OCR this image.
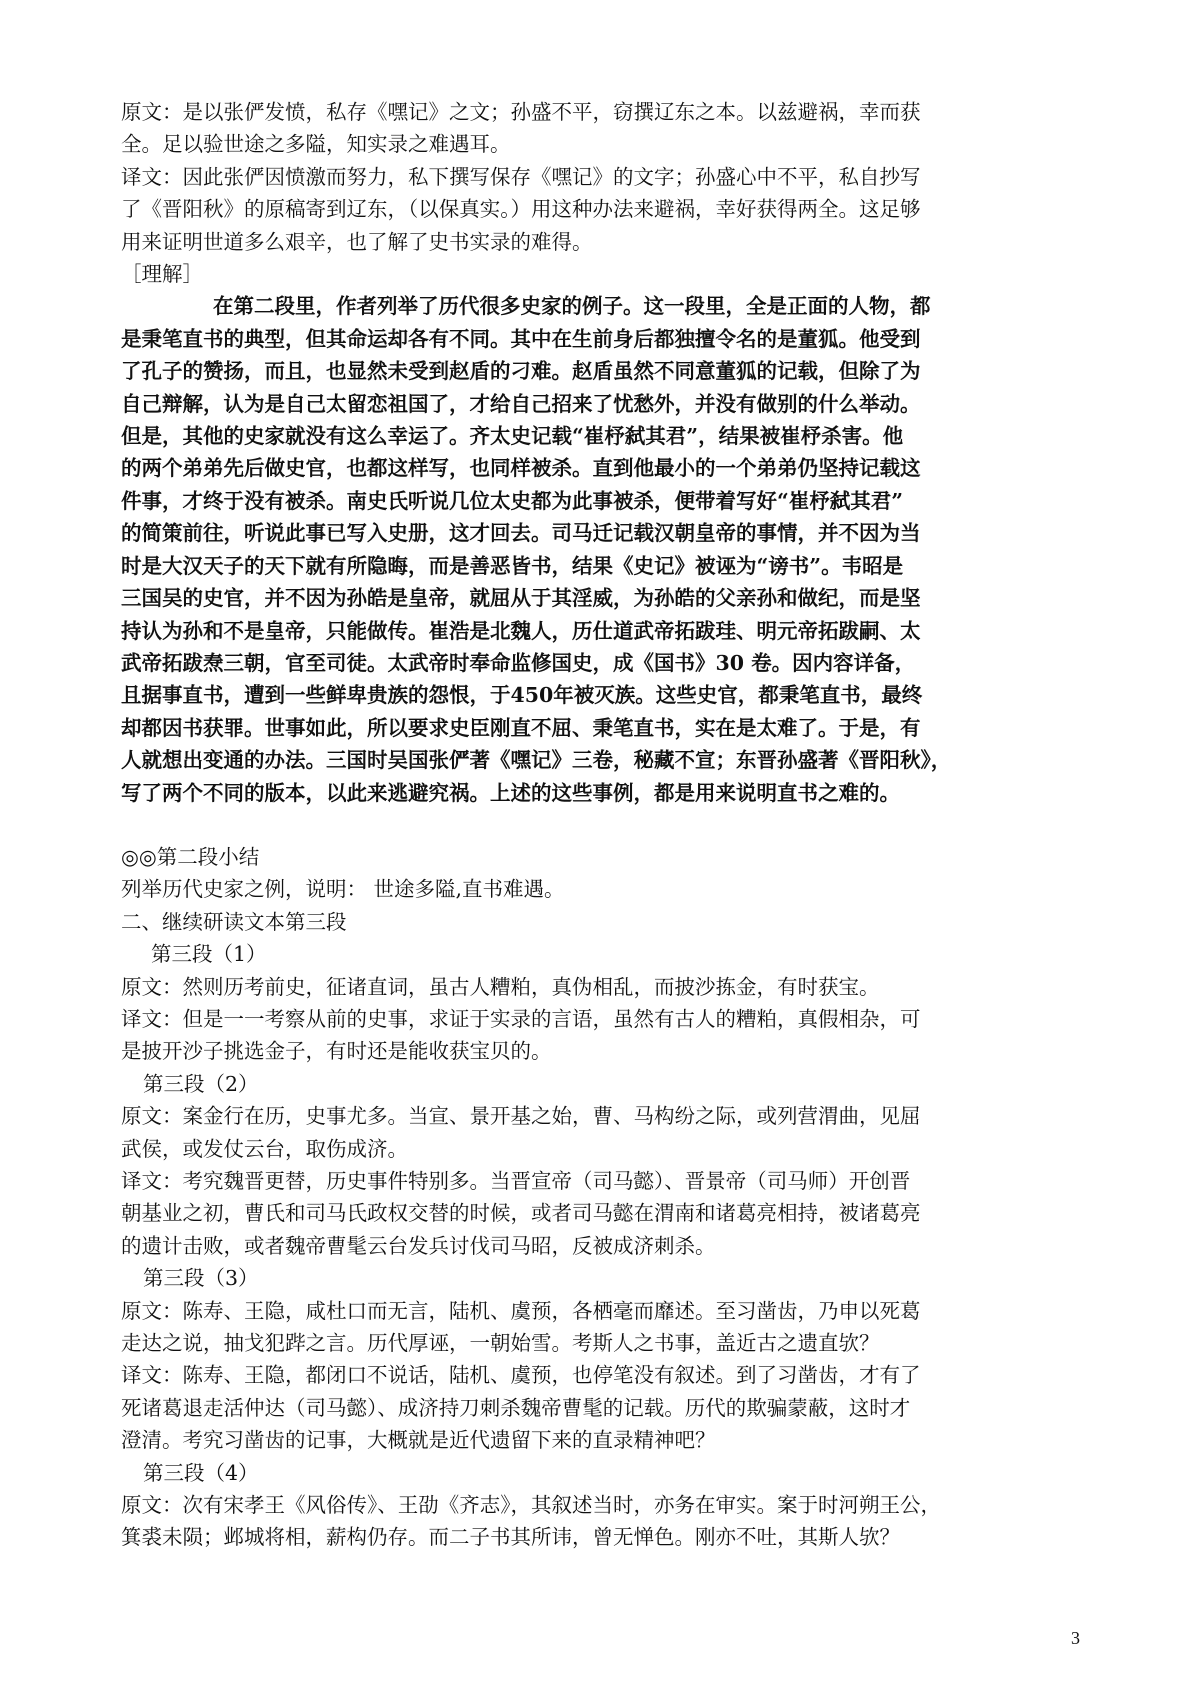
原文：是以张俨发愤，私存《嘿记》之文；孙盛不平，窃撰辽东之本。以兹避祸，幸而获
全。足以验世途之多隘，知实录之难遇耳。
译文：因此张俨因愤激而努力，私下撰写保存《嘿记》的文字；孙盛心中不平，私自抄写
了《晋阳秋》的原稿寄到辽东，（以保真实。）用这种办法来避祸，幸好获得两全。这足够
用来证明世道多么艰辛，也了解了史书实录的难得。
［理解］
在第二段里，作者列举了历代很多史家的例子。这一段里，全是正面的人物，都
是秉笔直书的典型，但其命运却各有不同。其中在生前身后都独擅令名的是董狐。他受到
了孔子的赞扬，而且，也显然未受到赵盾的刁难。赵盾虽然不同意董狐的记载，但除了为
自己辩解，认为是自己太留恋祖国了，才给自己招来了忧愁外，并没有做别的什么举动。
但是，其他的史家就没有这么幸运了。齐太史记载“崔杼弑其君”，结果被崔杼杀害。他
的两个弟弟先后做史官，也都这样写，也同样被杀。直到他最小的一个弟弟仍坚持记载这
件事，才终于没有被杀。南史氏听说几位太史都为此事被杀，便带着写好“崔杼弑其君”
的简策前往，听说此事已写入史册，这才回去。司马迁记载汉朝皇帝的事情，并不因为当
时是大汉天子的天下就有所隐晦，而是善恶皆书，结果《史记》被诬为“谤书”。韦昭是
三国吴的史官，并不因为孙皓是皇帝，就屈从于其淫威，为孙皓的父亲孙和做纪，而是坚
持认为孙和不是皇帝，只能做传。崔浩是北魏人，历仕道武帝拓跋珪、明元帝拓跋嗣、太
武帝拓跋焘三朝，官至司徒。太武帝时奉命监修国史，成《国书》30 卷。因内容详备，
且据事直书，遭到一些鲜卑贵族的怨恨，于450年被灭族。这些史官，都秉笔直书，最终
却都因书获罪。世事如此，所以要求史臣刚直不屈、秉笔直书，实在是太难了。于是，有
人就想出变通的办法。三国时吴国张俨著《嘿记》三卷，秘藏不宣；东晋孙盛著《晋阳秋》，
写了两个不同的版本，以此来逃避究祸。上述的这些事例，都是用来说明直书之难的。
◎◎第二段小结
列举历代史家之例，说明： 世途多隘,直书难遇。
二、继续研读文本第三段
第三段（1）
原文：然则历考前史，征诸直词，虽古人糟粕，真伪相乱，而披沙拣金，有时获宝。
译文：但是一一考察从前的史事，求证于实录的言语，虽然有古人的糟粕，真假相杂，可
是披开沙子挑选金子，有时还是能收获宝贝的。
第三段（2）
原文：案金行在历，史事尤多。当宣、景开基之始，曹、马构纷之际，或列营渭曲，见屈
武侯，或发仗云台，取伤成济。
译文：考究魏晋更替，历史事件特别多。当晋宣帝（司马懿）、晋景帝（司马师）开创晋
朝基业之初，曹氏和司马氏政权交替的时候，或者司马懿在渭南和诸葛亮相持，被诸葛亮
的遗计击败，或者魏帝曹髦云台发兵讨伐司马昭，反被成济刺杀。
第三段（3）
原文：陈寿、王隐，咸杜口而无言，陆机、虞预，各栖毫而靡述。至习凿齿，乃申以死葛
走达之说，抽戈犯跸之言。历代厚诬，一朝始雪。考斯人之书事，盖近古之遗直欤？
译文：陈寿、王隐，都闭口不说话，陆机、虞预，也停笔没有叙述。到了习凿齿，才有了
死诸葛退走活仲达（司马懿）、成济持刀刺杀魏帝曹髦的记载。历代的欺骗蒙蔽，这时才
澄清。考究习凿齿的记事，大概就是近代遗留下来的直录精神吧？
第三段（4）
原文：次有宋孝王《风俗传》、王劭《齐志》，其叙述当时，亦务在审实。案于时河朔王公，
箕裘未陨；邺城将相，薪构仍存。而二子书其所讳，曾无惮色。刚亦不吐，其斯人欤？
3
